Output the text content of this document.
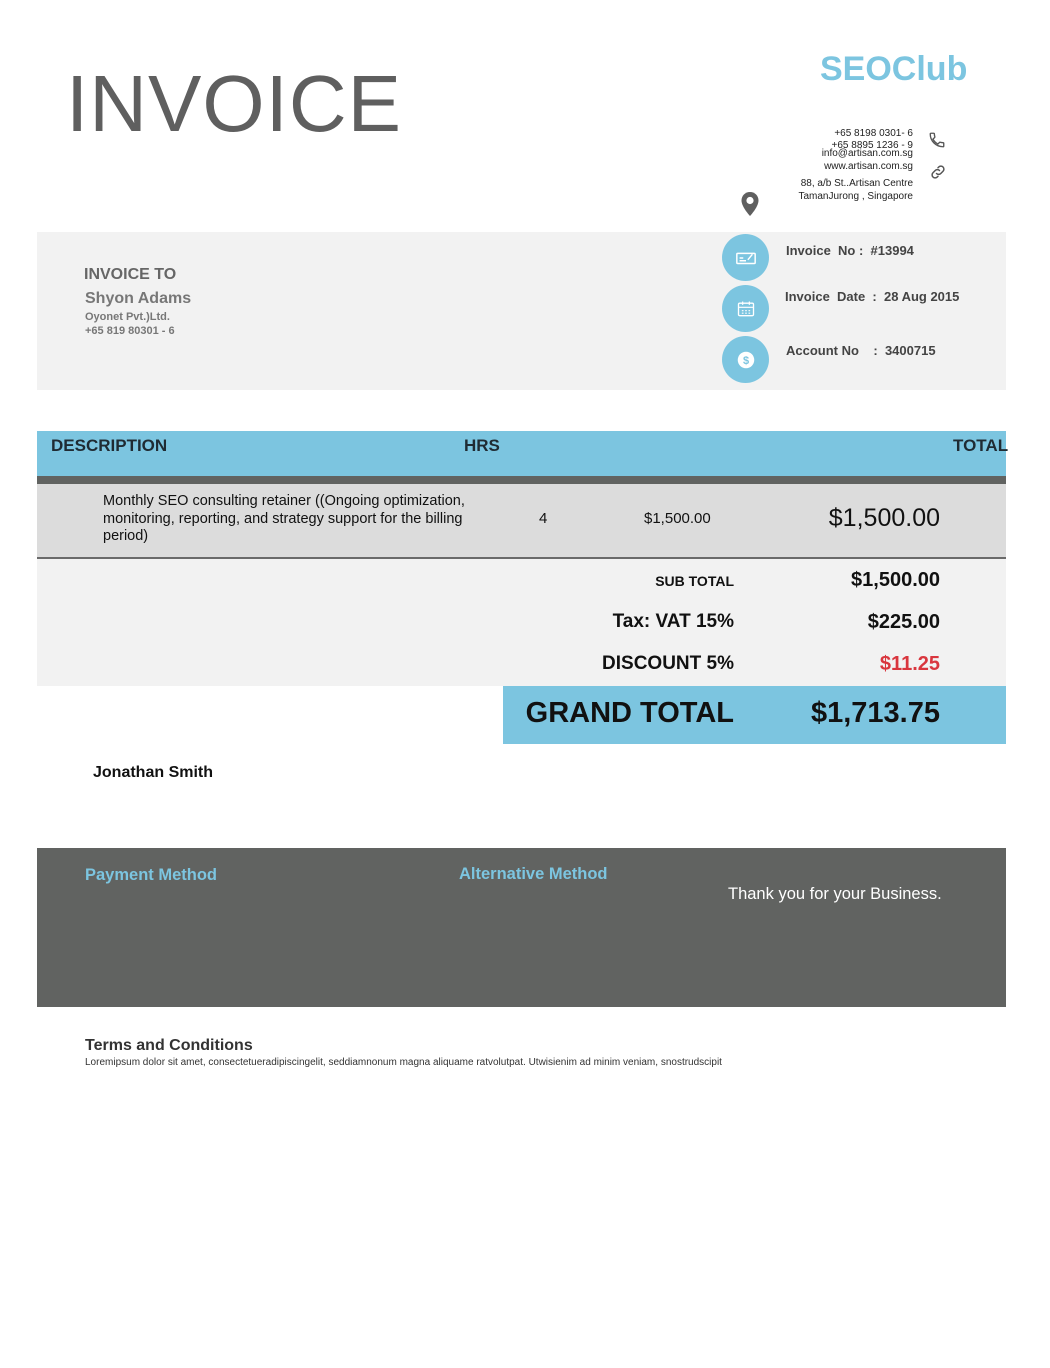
INVOICE	SEOClub
+65 8198 0301- 6
+65 8895 1236 - 9
info@artisan.com.sg
www.artisan.com.sg
88, a/b St..Artisan Centre
TamanJurong , Singapore
INVOICE TO
Shyon Adams
Oyonet Pvt.)Ltd.
+65 819 80301 - 6
$
Invoice  No : #13994
Invoice  Date  : 28 Aug 2015
Account No    : 3400715
DESCRIPTION	HRS	TOTAL
Monthly SEO consulting retainer ((Ongoing optimization, monitoring, reporting, and strategy support for the billing period)
4	$1,500.00	$1,500.00
SUB TOTAL	$1,500.00
Tax: VAT 15%	$225.00
DISCOUNT 5%	$11.25
GRAND TOTAL	$1,713.75
Jonathan Smith
Payment Method	Alternative Method
Thank you for your Business.
Terms and Conditions
Loremipsum dolor sit amet, consectetueradipiscingelit, seddiamnonum magna aliquame ratvolutpat. Utwisienim ad minim veniam, snostrudscipit
